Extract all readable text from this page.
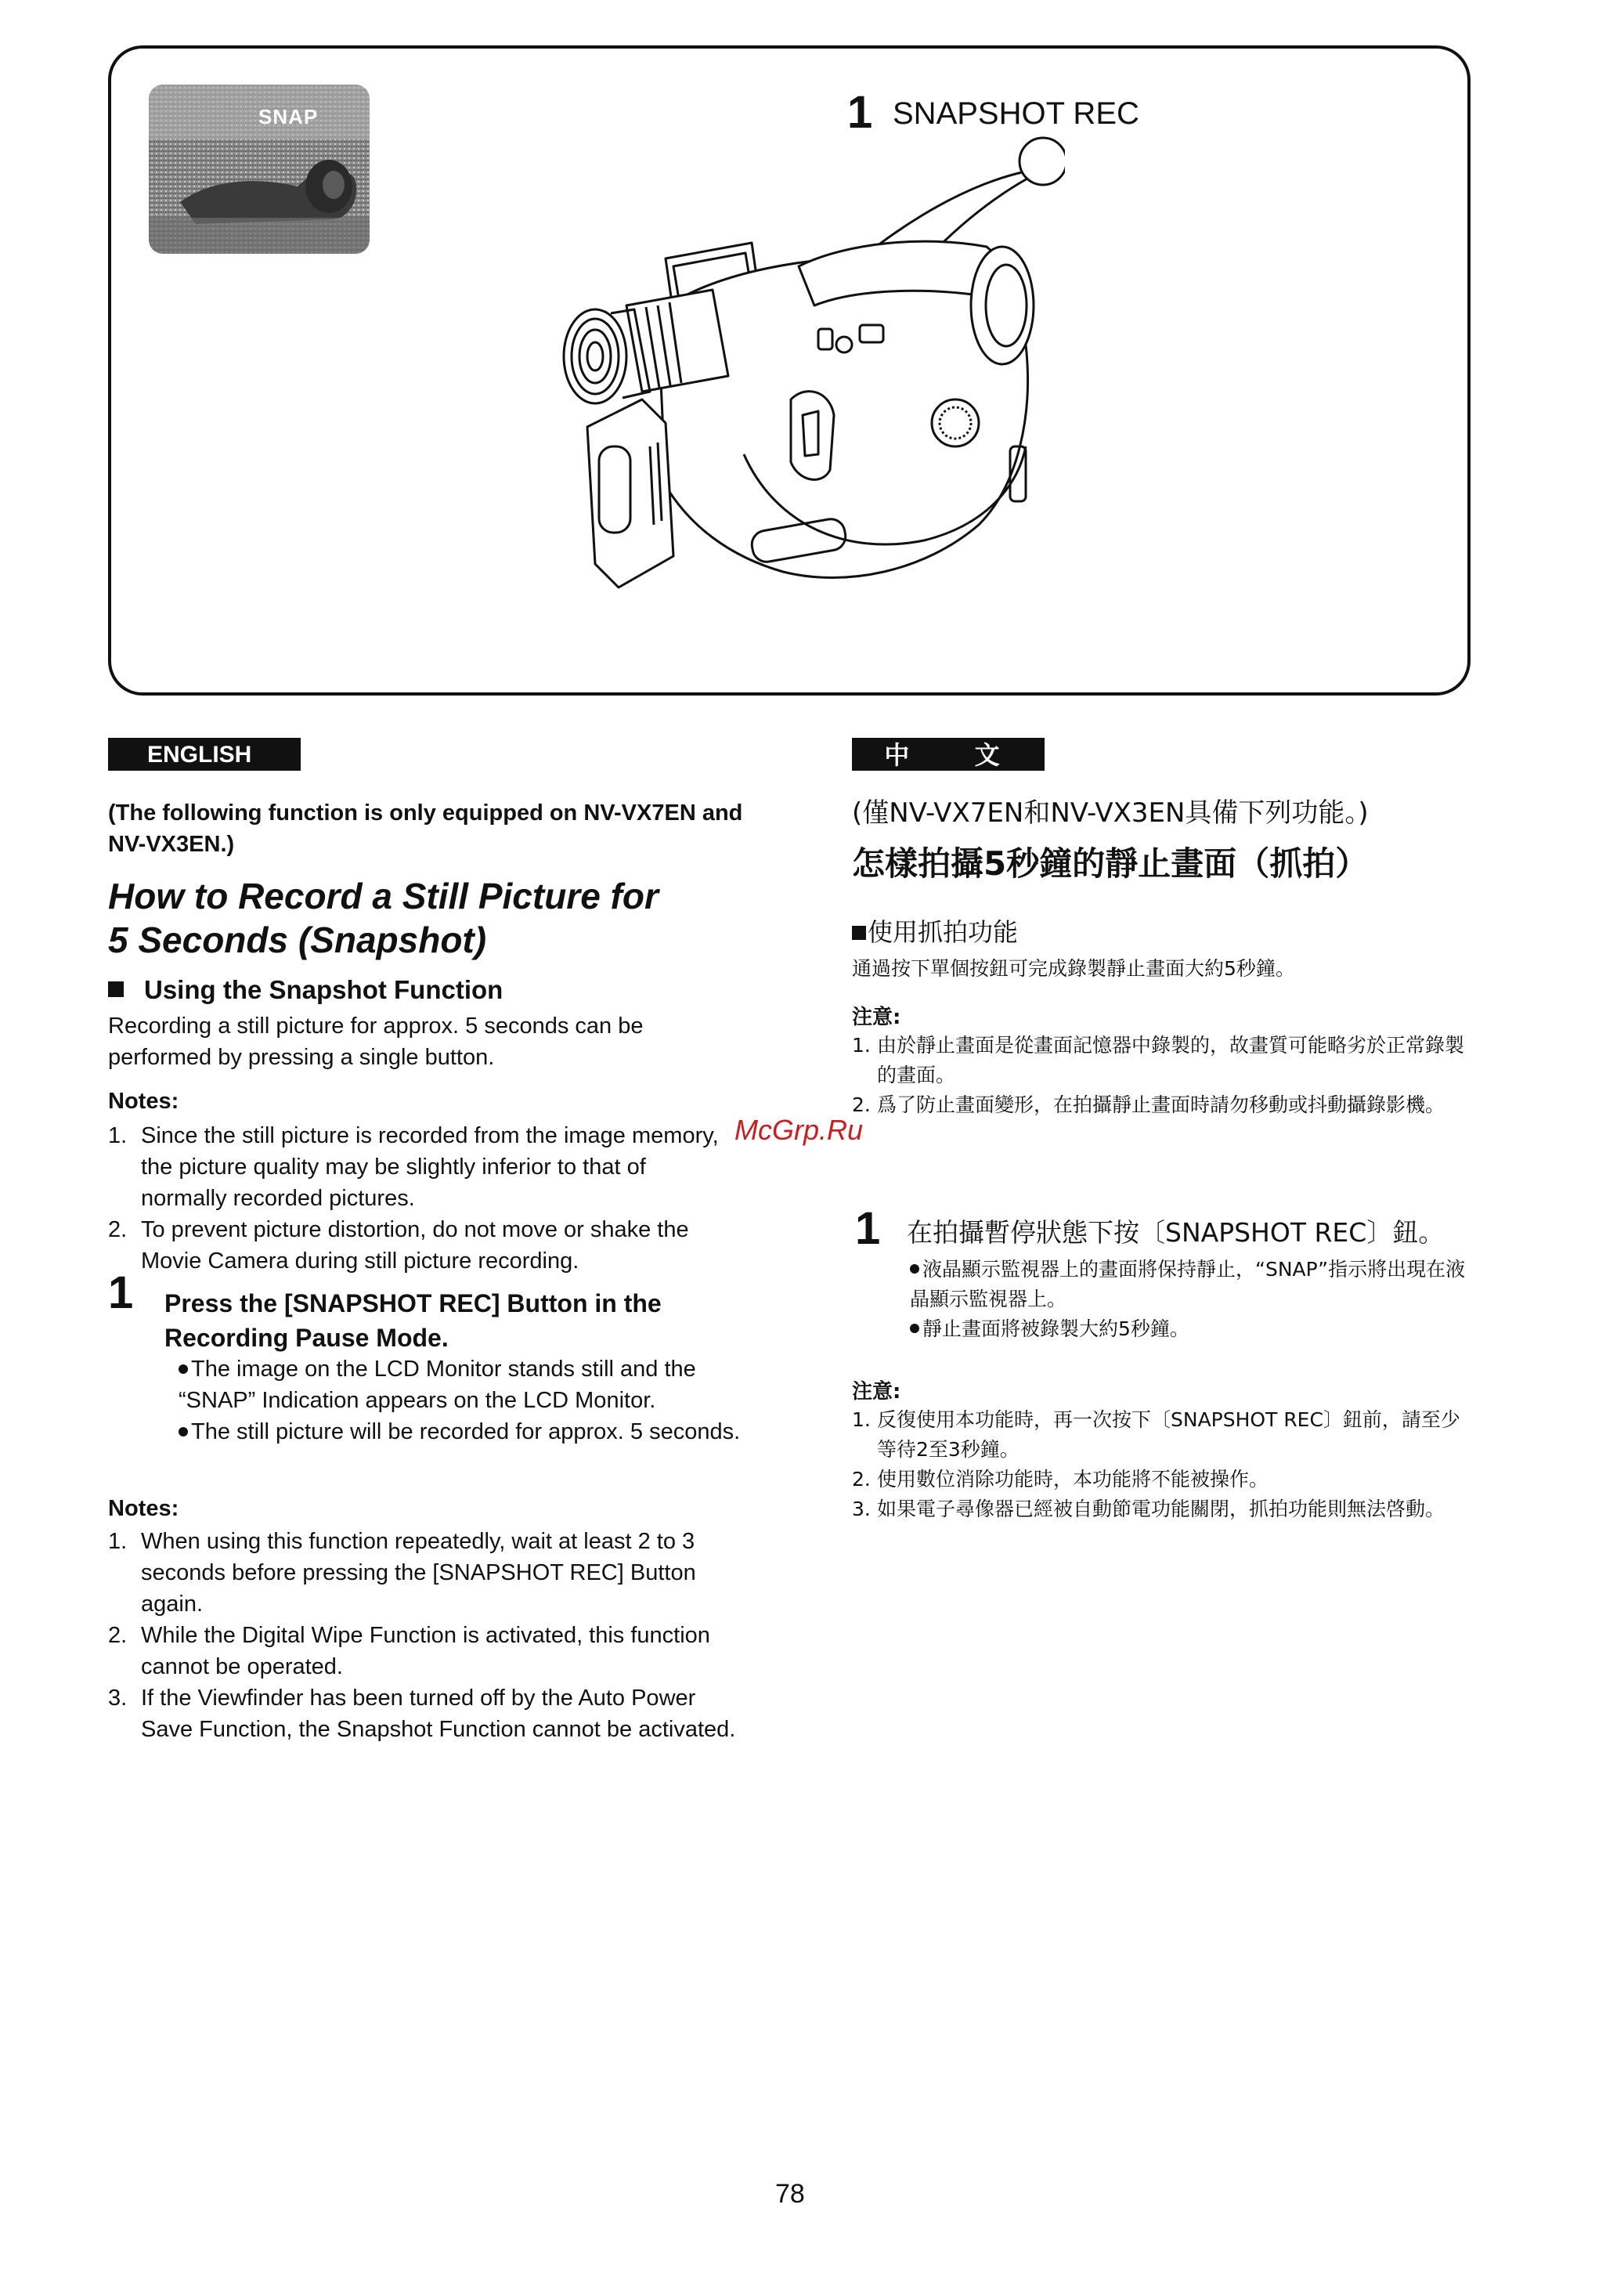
SNAP	1 SNAPSHOT REC
ENGLISH	中 文
(The following function is only equipped on NV-VX7EN and NV-VX3EN.)
How to Record a Still Picture for
5 Seconds (Snapshot)
Using the Snapshot Function
Recording a still picture for approx. 5 seconds can be performed by pressing a single button.
Notes:
1. Since the still picture is recorded from the image memory, the picture quality may be slightly inferior to that of normally recorded pictures.
2. To prevent picture distortion, do not move or shake the Movie Camera during still picture recording.
1 Press the [SNAPSHOT REC] Button in the Recording Pause Mode.
The image on the LCD Monitor stands still and the “SNAP” Indication appears on the LCD Monitor.
The still picture will be recorded for approx. 5 seconds.
Notes:
1. When using this function repeatedly, wait at least 2 to 3 seconds before pressing the [SNAPSHOT REC] Button again.
2. While the Digital Wipe Function is activated, this function cannot be operated.
3. If the Viewfinder has been turned off by the Auto Power Save Function, the Snapshot Function cannot be activated.
(僅NV-VX7EN和NV-VX3EN具備下列功能。)
怎樣拍攝5秒鐘的靜止畫面（抓拍）
使用抓拍功能
通過按下單個按鈕可完成錄製靜止畫面大約5秒鐘。
注意:
1. 由於靜止畫面是從畫面記憶器中錄製的，故畫質可能略劣於正常錄製的畫面。
2. 爲了防止畫面變形，在拍攝靜止畫面時請勿移動或抖動攝錄影機。
1 在拍攝暫停狀態下按〔SNAPSHOT REC〕鈕。
液晶顯示監視器上的畫面將保持靜止，“SNAP”指示將出現在液晶顯示監視器上。
靜止畫面將被錄製大約5秒鐘。
注意:
1. 反復使用本功能時，再一次按下〔SNAPSHOT REC〕鈕前，請至少等待2至3秒鐘。
2. 使用數位消除功能時，本功能將不能被操作。
3. 如果電子尋像器已經被自動節電功能關閉，抓拍功能則無法啓動。
McGrp.Ru
78
